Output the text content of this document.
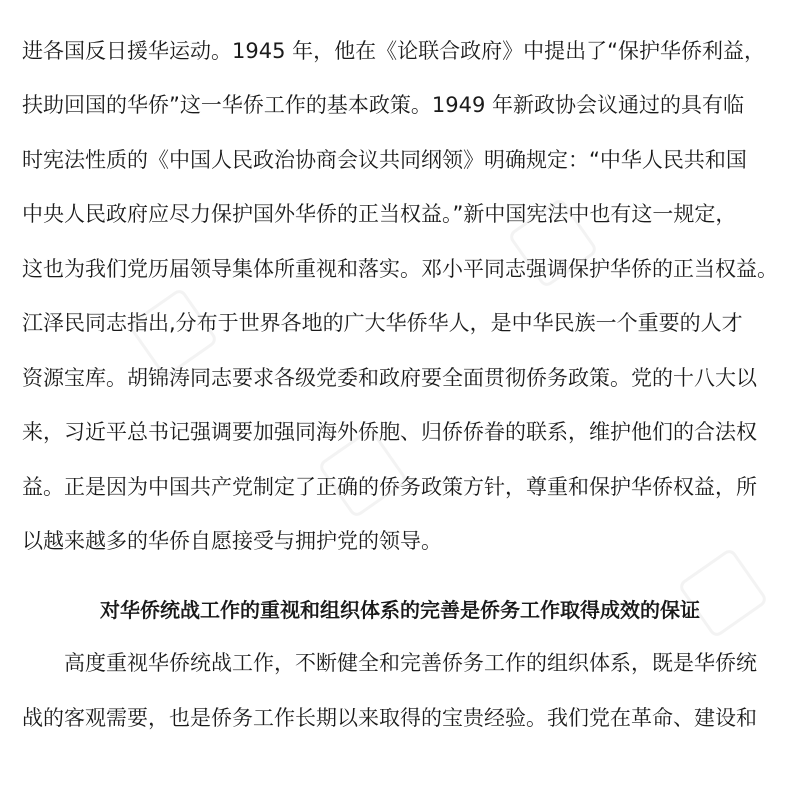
进各国反日援华运动。1945 年，他在《论联合政府》中提出了“保护华侨利益，
扶助回国的华侨”这一华侨工作的基本政策。1949 年新政协会议通过的具有临
时宪法性质的《中国人民政治协商会议共同纲领》明确规定：“中华人民共和国
中央人民政府应尽力保护国外华侨的正当权益。”新中国宪法中也有这一规定，
这也为我们党历届领导集体所重视和落实。邓小平同志强调保护华侨的正当权益。
江泽民同志指出,分布于世界各地的广大华侨华人，是中华民族一个重要的人才
资源宝库。胡锦涛同志要求各级党委和政府要全面贯彻侨务政策。党的十八大以
来，习近平总书记强调要加强同海外侨胞、归侨侨眷的联系，维护他们的合法权
益。正是因为中国共产党制定了正确的侨务政策方针，尊重和保护华侨权益，所
以越来越多的华侨自愿接受与拥护党的领导。
对华侨统战工作的重视和组织体系的完善是侨务工作取得成效的保证
高度重视华侨统战工作，不断健全和完善侨务工作的组织体系，既是华侨统
战的客观需要，也是侨务工作长期以来取得的宝贵经验。我们党在革命、建设和
